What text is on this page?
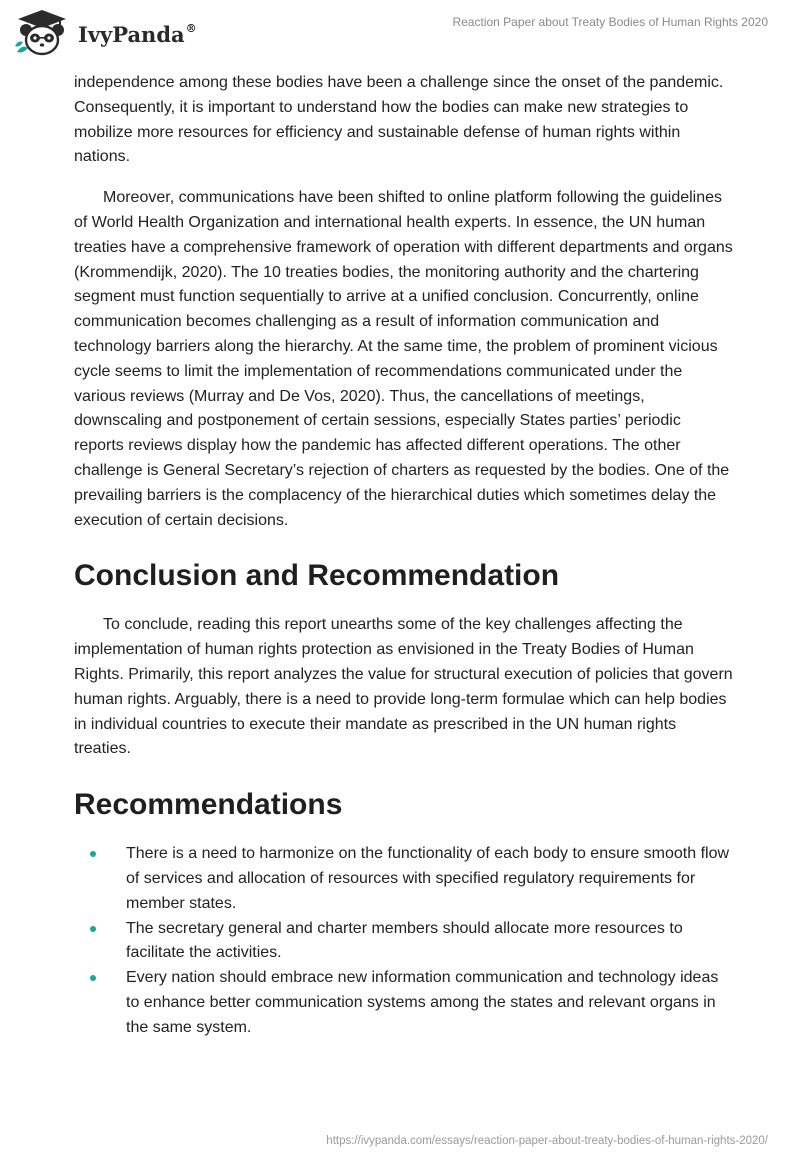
IvyPanda®	Reaction Paper about Treaty Bodies of Human Rights 2020

independence among these bodies have been a challenge since the onset of the pandemic. Consequently, it is important to understand how the bodies can make new strategies to mobilize more resources for efficiency and sustainable defense of human rights within nations.

Moreover, communications have been shifted to online platform following the guidelines of World Health Organization and international health experts. In essence, the UN human treaties have a comprehensive framework of operation with different departments and organs (Krommendijk, 2020). The 10 treaties bodies, the monitoring authority and the chartering segment must function sequentially to arrive at a unified conclusion. Concurrently, online communication becomes challenging as a result of information communication and technology barriers along the hierarchy. At the same time, the problem of prominent vicious cycle seems to limit the implementation of recommendations communicated under the various reviews (Murray and De Vos, 2020). Thus, the cancellations of meetings, downscaling and postponement of certain sessions, especially States parties’ periodic reports reviews display how the pandemic has affected different operations. The other challenge is General Secretary’s rejection of charters as requested by the bodies. One of the prevailing barriers is the complacency of the hierarchical duties which sometimes delay the execution of certain decisions.

Conclusion and Recommendation

To conclude, reading this report unearths some of the key challenges affecting the implementation of human rights protection as envisioned in the Treaty Bodies of Human Rights. Primarily, this report analyzes the value for structural execution of policies that govern human rights. Arguably, there is a need to provide long-term formulae which can help bodies in individual countries to execute their mandate as prescribed in the UN human rights treaties.

Recommendations
There is a need to harmonize on the functionality of each body to ensure smooth flow of services and allocation of resources with specified regulatory requirements for member states.
The secretary general and charter members should allocate more resources to facilitate the activities.
Every nation should embrace new information communication and technology ideas to enhance better communication systems among the states and relevant organs in the same system.
https://ivypanda.com/essays/reaction-paper-about-treaty-bodies-of-human-rights-2020/
